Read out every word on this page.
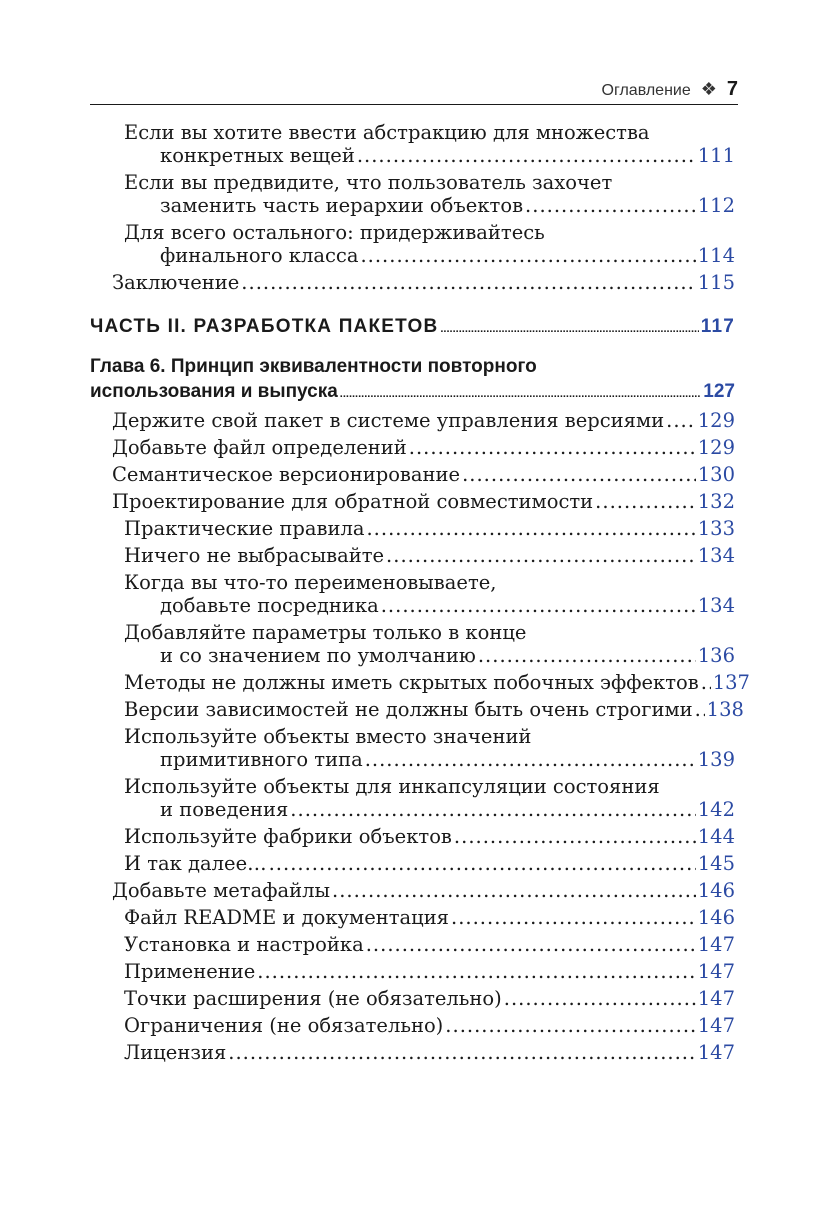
Оглавление ❖ 7
Если вы хотите ввести абстракцию для множества
конкретных вещей .....	111
Если вы предвидите, что пользователь захочет
заменить часть иерархии объектов .....	112
Для всего остального: придерживайтесь
финального класса .....	114
Заключение .....	115
ЧАСТЬ II. РАЗРАБОТКА ПАКЕТОВ .....	117
Глава 6. Принцип эквивалентности повторного
использования и выпуска .....	127
Держите свой пакет в системе управления версиями ..... 129
Добавьте файл определений .....	129
Семантическое версионирование .....	130
Проектирование для обратной совместимости .....	132
Практические правила .....	133
Ничего не выбрасывайте .....	134
Когда вы что-то переименовываете,
добавьте посредника .....	134
Добавляйте параметры только в конце
и со значением по умолчанию .....	136
Методы не должны иметь скрытых побочных эффектов ..... 137
Версии зависимостей не должны быть очень строгими ..... 138
Используйте объекты вместо значений
примитивного типа .....	139
Используйте объекты для инкапсуляции состояния
и поведения .....	142
Используйте фабрики объектов .....	144
И так далее… .....	145
Добавьте метафайлы .....	146
Файл README и документация .....	146
Установка и настройка .....	147
Применение .....	147
Точки расширения (не обязательно) .....	147
Ограничения (не обязательно) .....	147
Лицензия .....	147
